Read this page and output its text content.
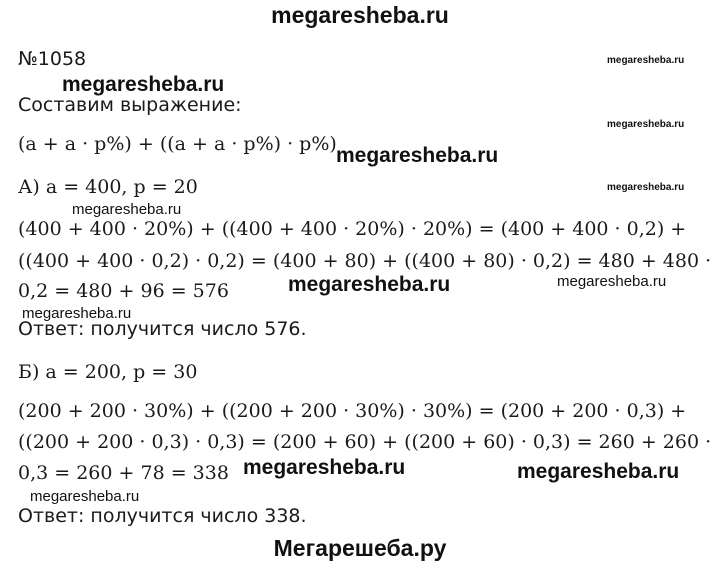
megaresheba.ru
Мегарешеба.ру
№1058
Составим выражение:
(a + a · p%) + ((a + a · p%) · p%)
А) a = 400, p = 20
(400 + 400 · 20%) + ((400 + 400 · 20%) · 20%) = (400 + 400 · 0,2) +
((400 + 400 · 0,2) · 0,2) = (400 + 80) + ((400 + 80) · 0,2) = 480 + 480 ·
0,2 = 480 + 96 = 576
Ответ: получится число 576.
Б) a = 200, p = 30
(200 + 200 · 30%) + ((200 + 200 · 30%) · 30%) = (200 + 200 · 0,3) +
((200 + 200 · 0,3) · 0,3) = (200 + 60) + ((200 + 60) · 0,3) = 260 + 260 ·
0,3 = 260 + 78 = 338
Ответ: получится число 338.
megaresheba.ru
megaresheba.ru
megaresheba.ru
megaresheba.ru
megaresheba.ru
megaresheba.ru
megaresheba.ru	megaresheba.ru
megaresheba.ru
megaresheba.ru	megaresheba.ru
megaresheba.ru
